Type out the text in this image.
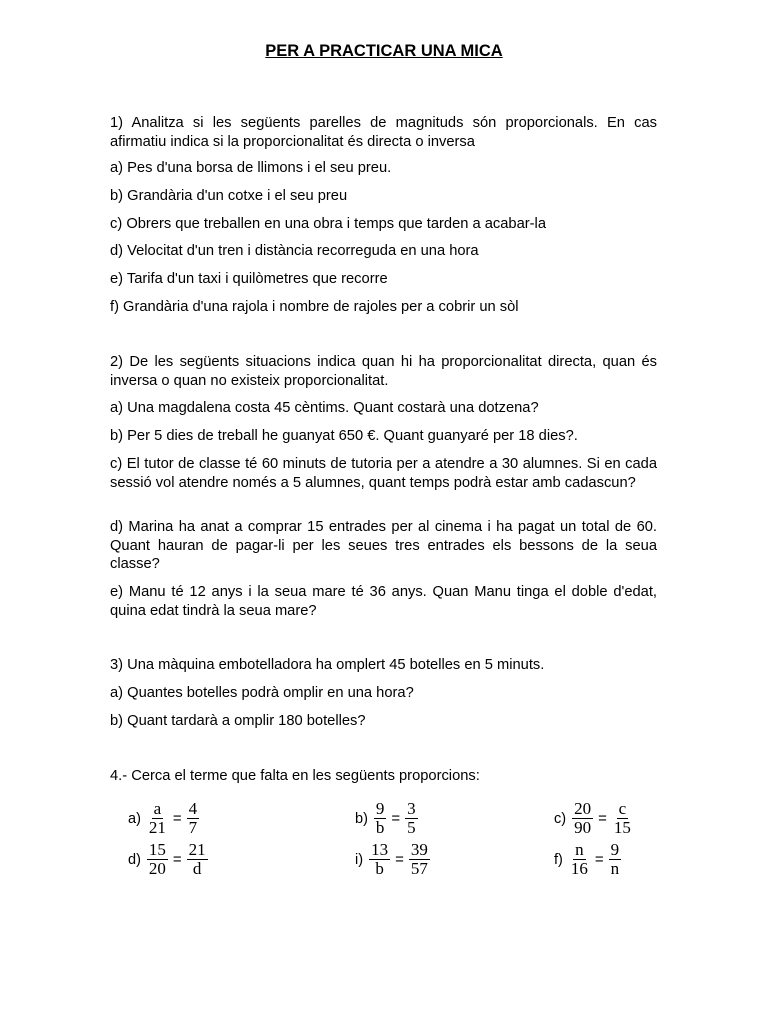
PER A PRACTICAR UNA MICA

1) Analitza si les següents parelles de magnituds són proporcionals. En cas afirmatiu indica si la proporcionalitat és directa o inversa

a) Pes d'una borsa de llimons i el seu preu.

b) Grandària d'un cotxe i el seu preu

c) Obrers que treballen en una obra i temps que tarden a acabar-la

d) Velocitat d'un tren i distància recorreguda en una hora

e) Tarifa d'un taxi i quilòmetres que recorre

f) Grandària d'una rajola i nombre de rajoles per a cobrir un sòl

2) De les següents situacions indica quan hi ha proporcionalitat directa, quan és inversa o quan no existeix proporcionalitat.

a) Una magdalena costa 45 cèntims. Quant costarà una dotzena?

b) Per 5 dies de treball he guanyat 650 €. Quant guanyaré per 18 dies?.

c) El tutor de classe té 60 minuts de tutoria per a atendre a 30 alumnes. Si en cada sessió vol atendre només a 5 alumnes, quant temps podrà estar amb cadascun?

d) Marina ha anat a comprar 15 entrades per al cinema i ha pagat un total de 60. Quant hauran de pagar-li per les seues tres entrades els bessons de la seua classe?

e) Manu té 12 anys i la seua mare té 36 anys. Quan Manu tinga el doble d'edat, quina edat tindrà la seua mare?

3) Una màquina embotelladora ha omplert 45 botelles en 5 minuts.

a) Quantes botelles podrà omplir en una hora?

b) Quant tardarà a omplir 180 botelles?

4.- Cerca el terme que falta en les següents proporcions:

$a) \frac{a}{21} = \frac{4}{7}$	$b) \frac{9}{b} = \frac{3}{5}$	$c) \frac{20}{90} = \frac{c}{15}$
$d) \frac{15}{20} = \frac{21}{d}$	$i) \frac{13}{b} = \frac{39}{57}$	$f) \frac{n}{16} = \frac{9}{n}$
